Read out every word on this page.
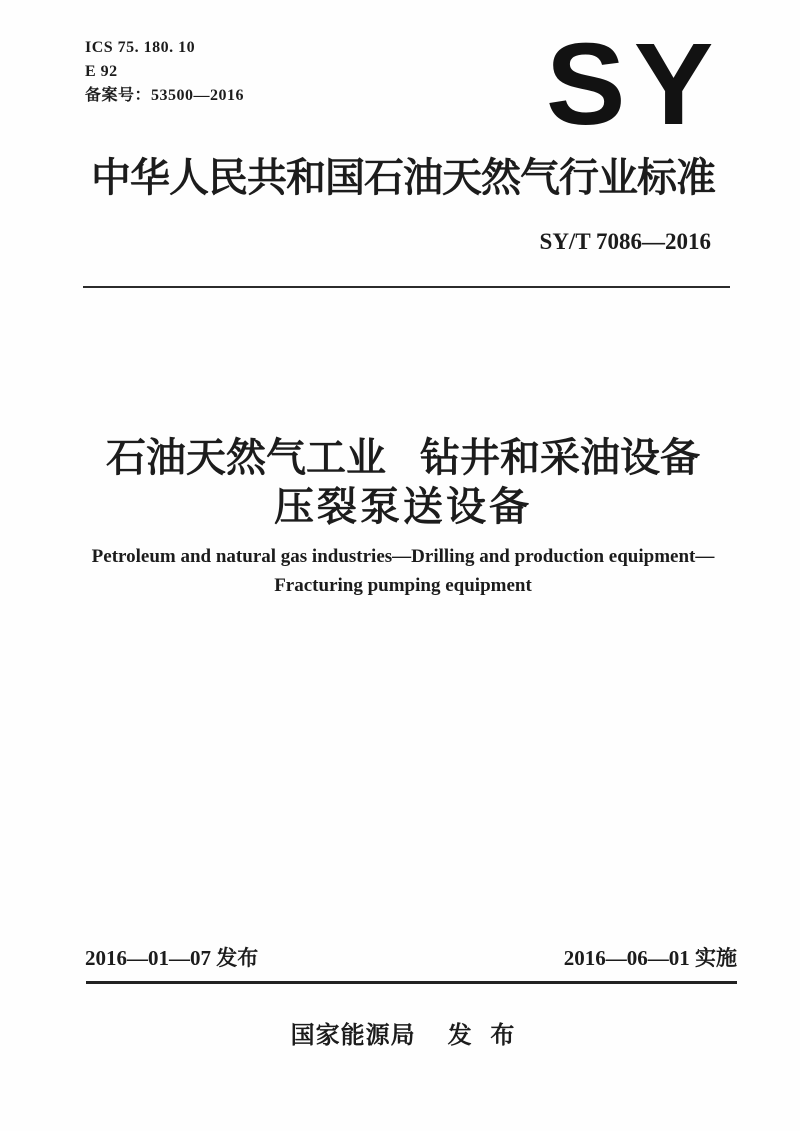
ICS 75. 180. 10
E 92
备案号：53500—2016	SY
中华人民共和国石油天然气行业标准
SY/T 7086—2016
石油天然气工业 钻井和采油设备
压裂泵送设备
Petroleum and natural gas industries—Drilling and production equipment—
Fracturing pumping equipment
2016—01—07 发布	2016—06—01 实施
国家能源局 发 布
